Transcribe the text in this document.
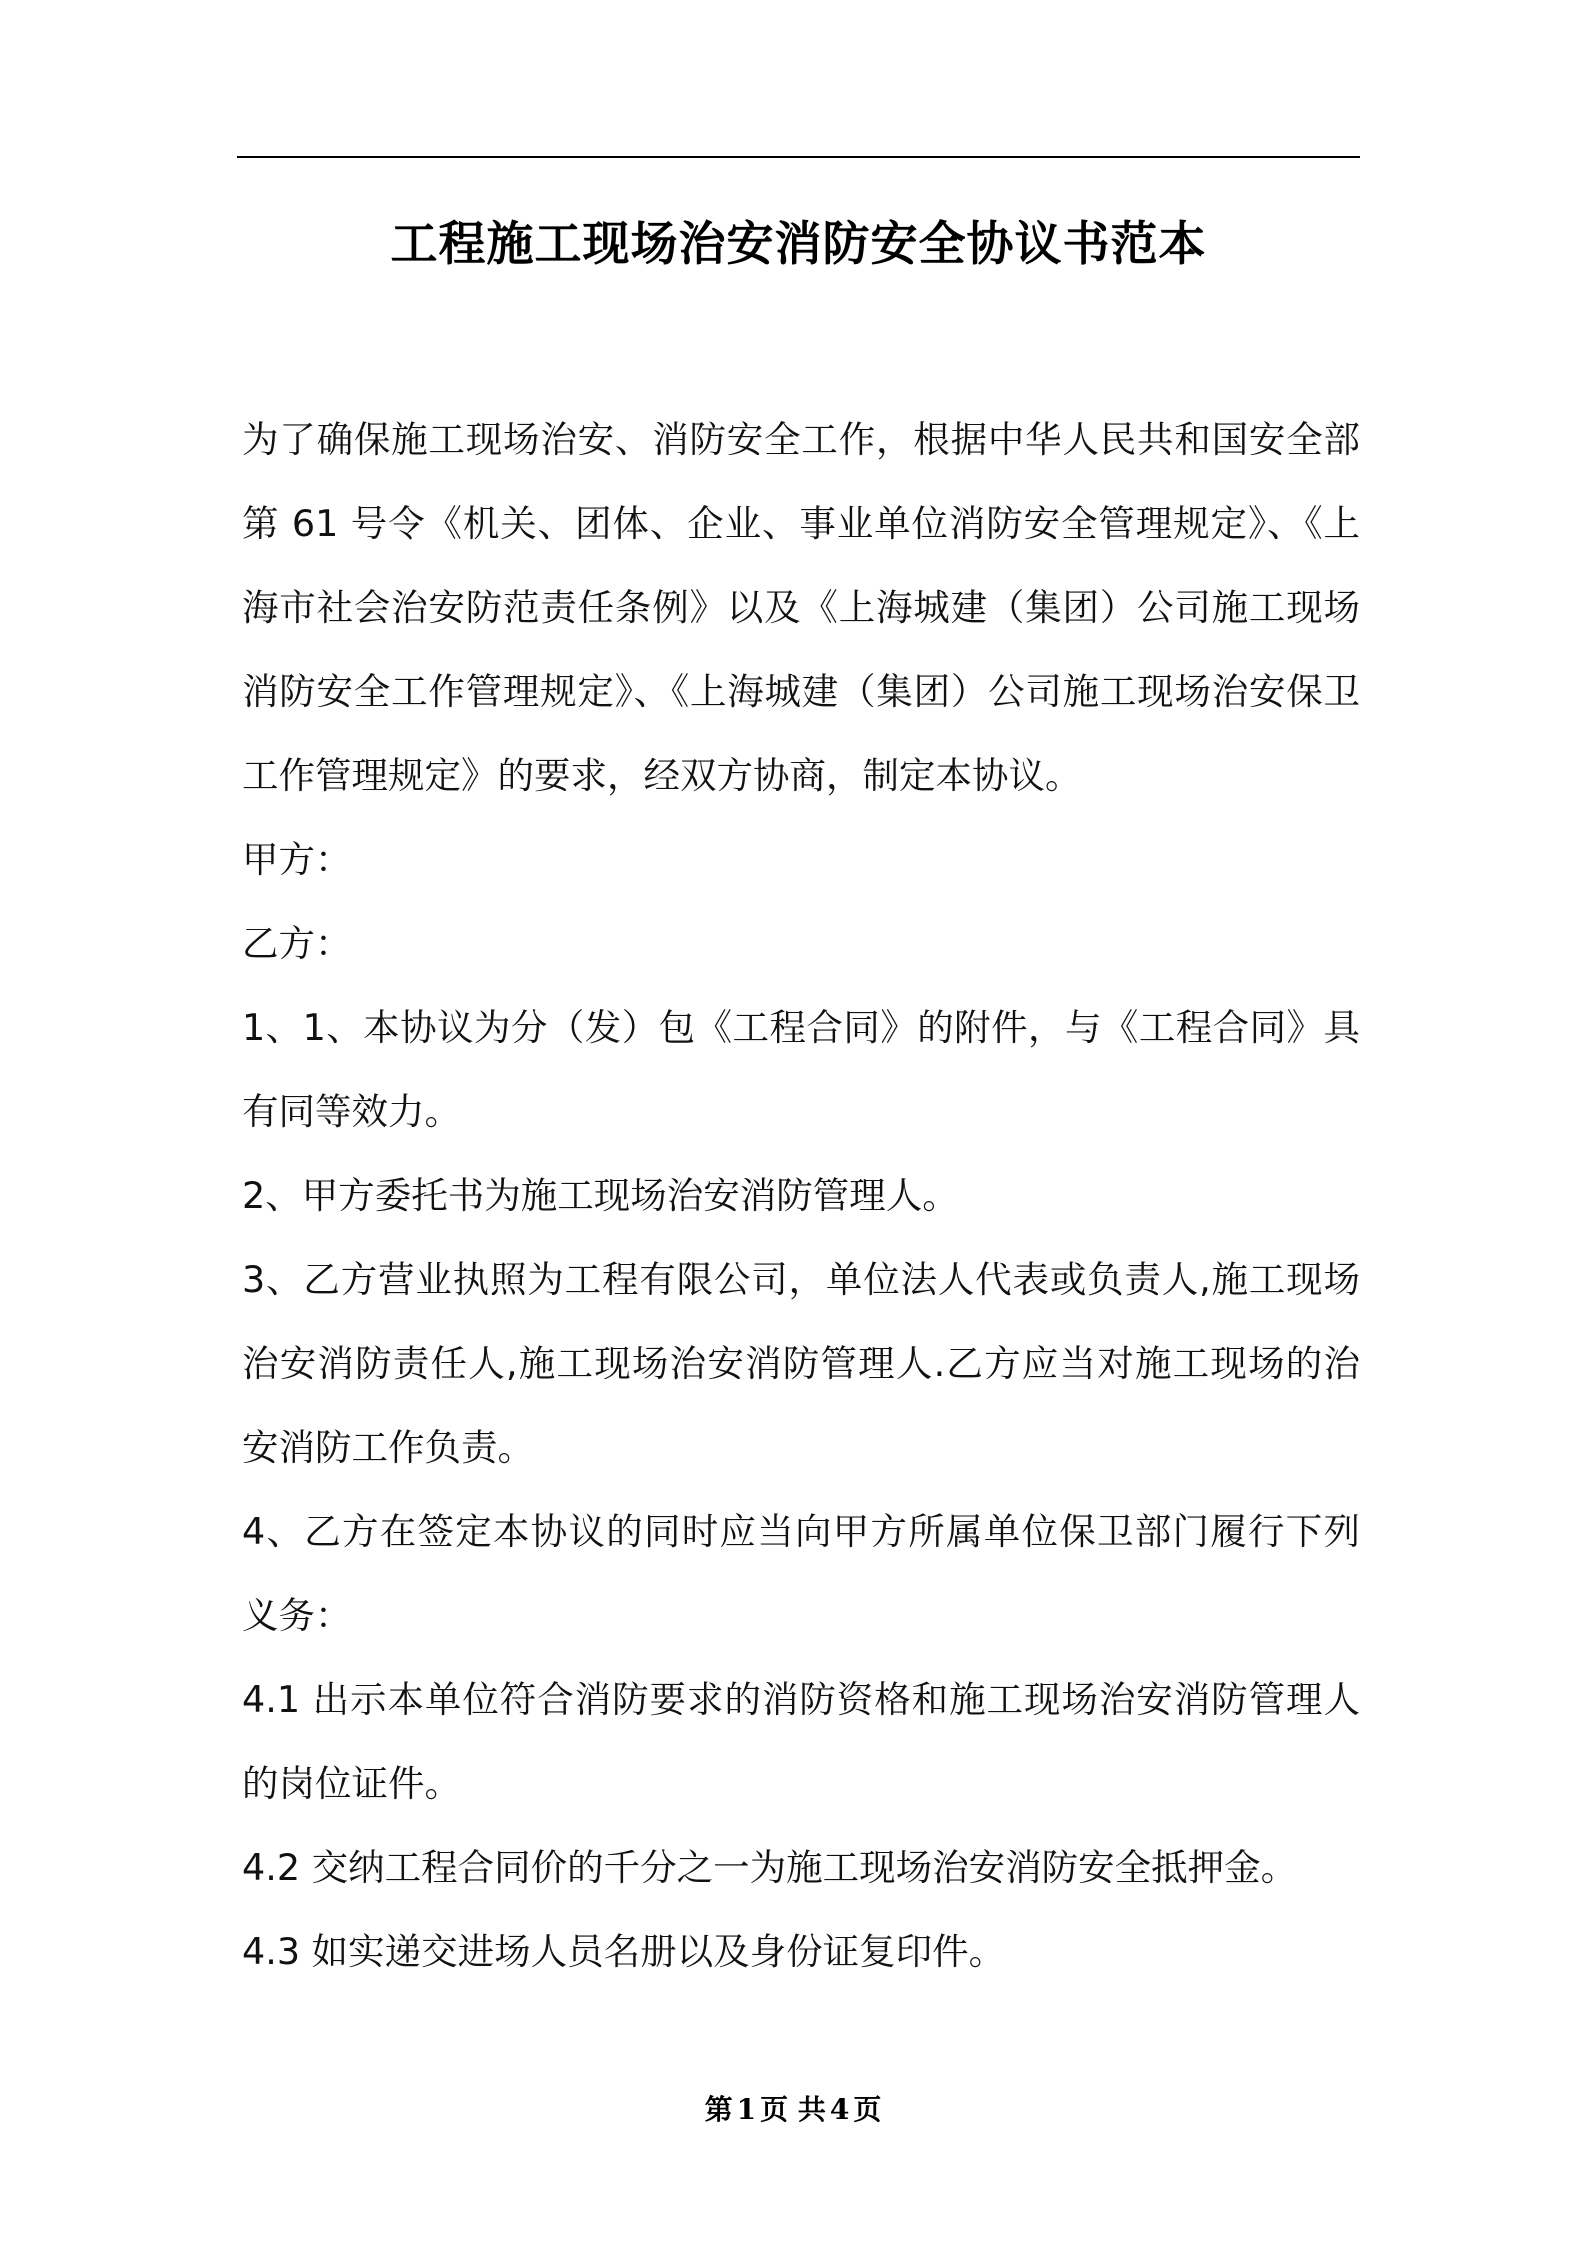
工程施工现场治安消防安全协议书范本

为了确保施工现场治安、消防安全工作，根据中华人民共和国安全部第 61 号令《机关、团体、企业、事业单位消防安全管理规定》、《上海市社会治安防范责任条例》以及《上海城建（集团）公司施工现场消防安全工作管理规定》、《上海城建（集团）公司施工现场治安保卫工作管理规定》的要求，经双方协商，制定本协议。

甲方：

乙方：

1、1、本协议为分（发）包《工程合同》的附件，与《工程合同》具有同等效力。

2、甲方委托书为施工现场治安消防管理人。

3、乙方营业执照为工程有限公司，单位法人代表或负责人,施工现场治安消防责任人,施工现场治安消防管理人.乙方应当对施工现场的治安消防工作负责。

4、乙方在签定本协议的同时应当向甲方所属单位保卫部门履行下列义务：

4.1 出示本单位符合消防要求的消防资格和施工现场治安消防管理人的岗位证件。

4.2 交纳工程合同价的千分之一为施工现场治安消防安全抵押金。

4.3 如实递交进场人员名册以及身份证复印件。

第 1 页 共 4 页
